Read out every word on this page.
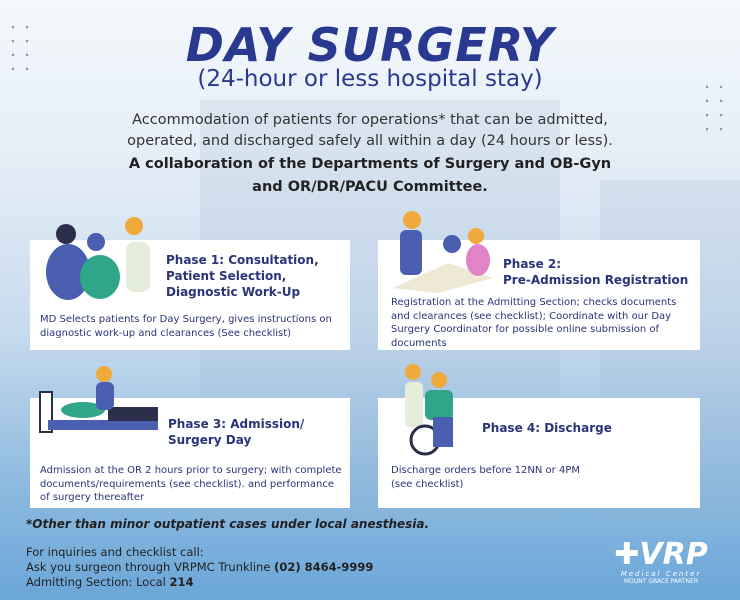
DAY SURGERY
(24-hour or less hospital stay)
Accommodation of patients for operations* that can be admitted,
operated, and discharged safely all within a day (24 hours or less).
A collaboration of the Departments of Surgery and OB-Gyn
and OR/DR/PACU Committee.
Phase 1: Consultation,
Patient Selection,
Diagnostic Work-Up
MD Selects patients for Day Surgery, gives instructions on diagnostic work-up and clearances (See checklist)
Phase 2:
Pre-Admission Registration
Registration at the Admitting Section; checks documents and clearances (see checklist); Coordinate with our Day Surgery Coordinator for possible online submission of documents
Phase 3: Admission/
Surgery Day
Admission at the OR 2 hours prior to surgery; with complete documents/requirements (see checklist). and performance of surgery thereafter
Phase 4: Discharge
Discharge orders before 12NN or 4PM (see checklist)
*Other than minor outpatient cases under local anesthesia.
For inquiries and checklist call:
Ask you surgeon through VRPMC Trunkline (02) 8464-9999
Admitting Section: Local 214
✚VRP
Medical Center
MOUNT GRACE PARTNER
